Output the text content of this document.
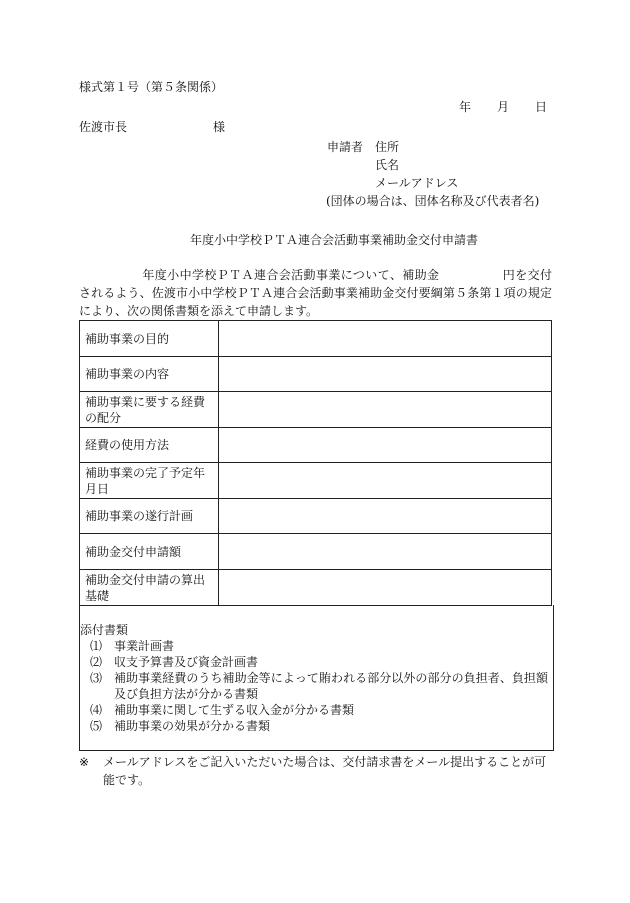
様式第１号（第５条関係）
年 月 日
佐渡市長	様
申請者 住所
氏名
メールアドレス
(団体の場合は、団体名称及び代表者名)
年度小中学校ＰＴＡ連合会活動事業補助金交付申請書
年度小中学校ＰＴＡ連合会活動事業について、補助金	円を交付されるよう、佐渡市小中学校ＰＴＡ連合会活動事業補助金交付要綱第５条第１項の規定により、次の関係書類を添えて申請します。
補助事業の目的	
補助事業の内容	
補助事業に要する経費の配分	
経費の使用方法	
補助事業の完了予定年月日	
補助事業の遂行計画	
補助金交付申請額	
補助金交付申請の算出基礎	
添付書類
⑴ 事業計画書
⑵ 収支予算書及び資金計画書
⑶ 補助事業経費のうち補助金等によって賄われる部分以外の部分の負担者、負担額及び負担方法が分かる書類
⑷ 補助事業に関して生ずる収入金が分かる書類
⑸ 補助事業の効果が分かる書類
※	メールアドレスをご記入いただいた場合は、交付請求書をメール提出することが可能です。
